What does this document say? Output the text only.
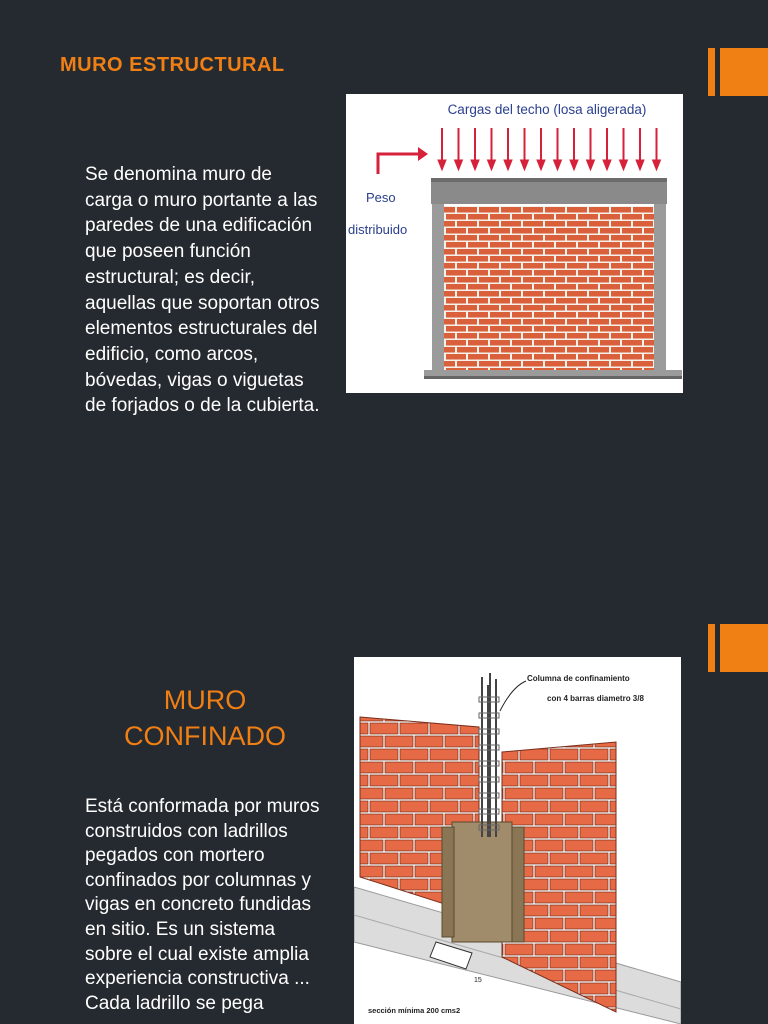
MURO ESTRUCTURAL
Se denomina muro de carga o muro portante a las paredes de una edificación que poseen función estructural; es decir, aquellas que soportan otros elementos estructurales del edificio, como arcos, bóvedas, vigas o viguetas de forjados o de la cubierta.
Cargas del techo (losa aligerada)
Peso
distribuido
MURO CONFINADO
Está conformada por muros construidos con ladrillos pegados con mortero confinados por columnas y vigas en concreto fundidas en sitio. Es un sistema sobre el cual existe amplia experiencia constructiva ... Cada ladrillo se pega
Columna de confinamiento
con 4 barras diametro 3/8
sección mínima 200 cms2
15
